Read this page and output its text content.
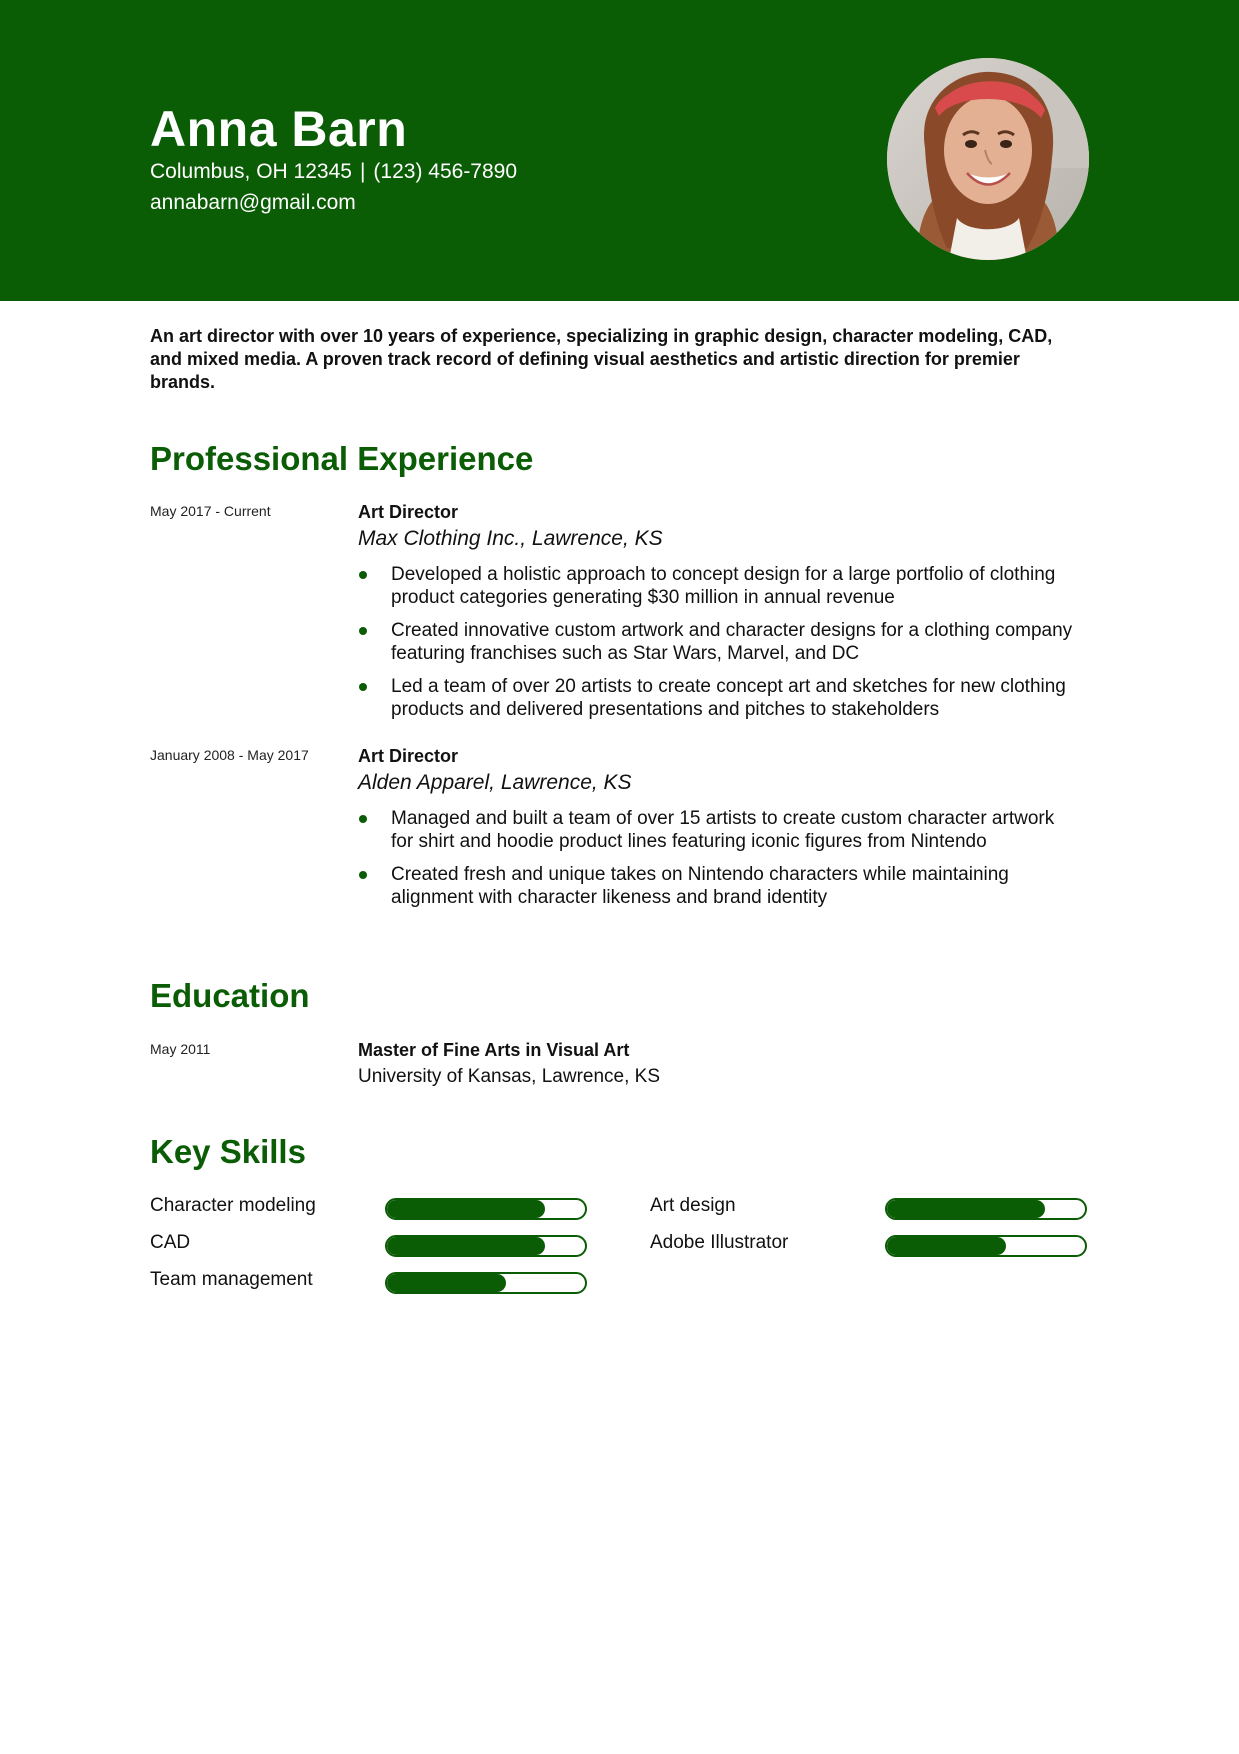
Anna Barn
Columbus, OH 12345 | (123) 456-7890
annabarn@gmail.com
An art director with over 10 years of experience, specializing in graphic design, character modeling, CAD, and mixed media. A proven track record of defining visual aesthetics and artistic direction for premier brands.
Professional Experience
May 2017 - Current	Art Director
Max Clothing Inc., Lawrence, KS
Developed a holistic approach to concept design for a large portfolio of clothing product categories generating $30 million in annual revenue
Created innovative custom artwork and character designs for a clothing company featuring franchises such as Star Wars, Marvel, and DC
Led a team of over 20 artists to create concept art and sketches for new clothing products and delivered presentations and pitches to stakeholders
January 2008 - May 2017	Art Director
Alden Apparel, Lawrence, KS
Managed and built a team of over 15 artists to create custom character artwork for shirt and hoodie product lines featuring iconic figures from Nintendo
Created fresh and unique takes on Nintendo characters while maintaining alignment with character likeness and brand identity
Education
May 2011	Master of Fine Arts in Visual Art
University of Kansas, Lawrence, KS
Key Skills
Character modeling	Art design
CAD	Adobe Illustrator
Team management
